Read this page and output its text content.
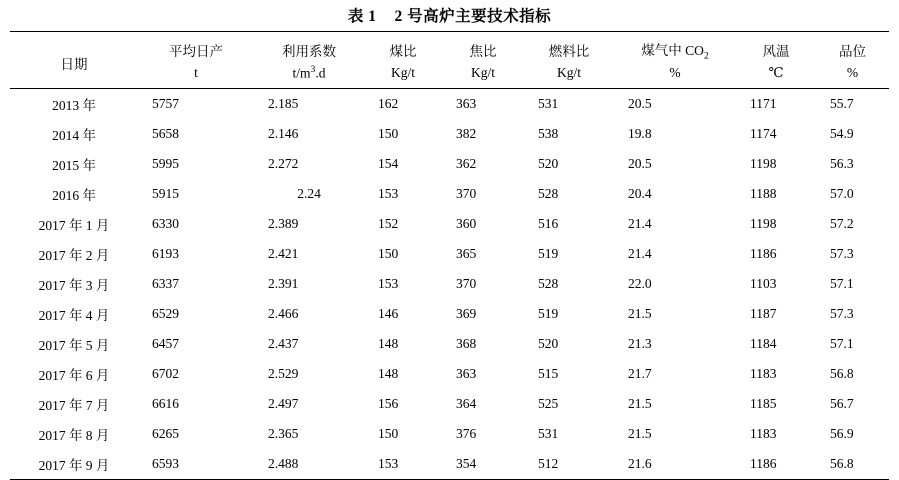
表 1 2 号高炉主要技术指标
日期	平均日产	利用系数	煤比	焦比	燃料比	煤气中 $CO_2$	风温	品位
	t	$t/m^3.d$	Kg/t	Kg/t	Kg/t	%	℃	%
2013 年	5757	2.185	162	363	531	20.5	1171	55.7
2014 年	5658	2.146	150	382	538	19.8	1174	54.9
2015 年	5995	2.272	154	362	520	20.5	1198	56.3
2016 年	5915	2.24	153	370	528	20.4	1188	57.0
2017 年 1 月	6330	2.389	152	360	516	21.4	1198	57.2
2017 年 2 月	6193	2.421	150	365	519	21.4	1186	57.3
2017 年 3 月	6337	2.391	153	370	528	22.0	1103	57.1
2017 年 4 月	6529	2.466	146	369	519	21.5	1187	57.3
2017 年 5 月	6457	2.437	148	368	520	21.3	1184	57.1
2017 年 6 月	6702	2.529	148	363	515	21.7	1183	56.8
2017 年 7 月	6616	2.497	156	364	525	21.5	1185	56.7
2017 年 8 月	6265	2.365	150	376	531	21.5	1183	56.9
2017 年 9 月	6593	2.488	153	354	512	21.6	1186	56.8
